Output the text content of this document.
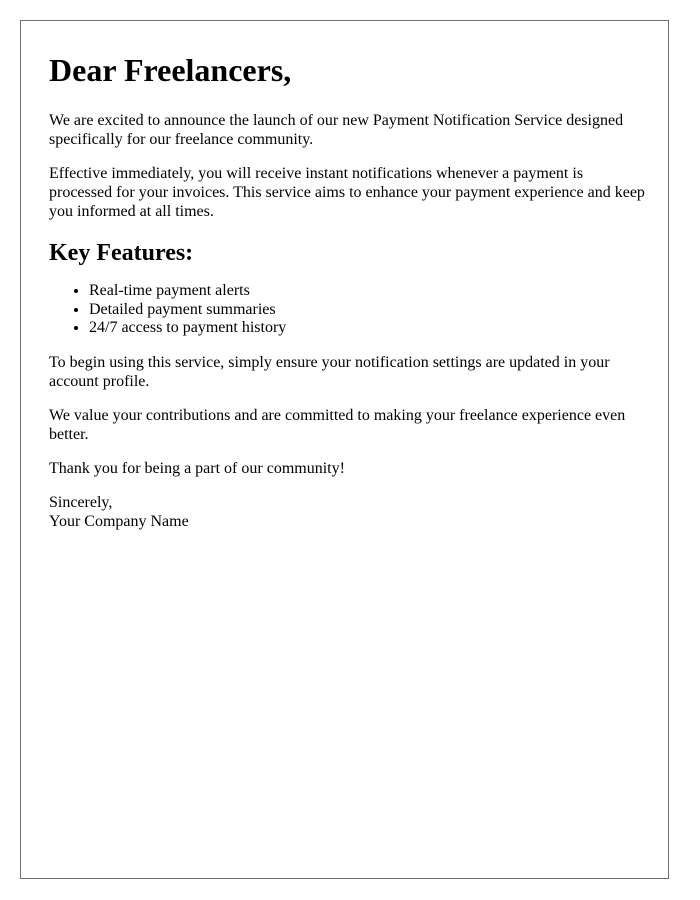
Dear Freelancers,

We are excited to announce the launch of our new Payment Notification Service designed specifically for our freelance community.

Effective immediately, you will receive instant notifications whenever a payment is processed for your invoices. This service aims to enhance your payment experience and keep you informed at all times.

Key Features:
• Real-time payment alerts
• Detailed payment summaries
• 24/7 access to payment history

To begin using this service, simply ensure your notification settings are updated in your account profile.

We value your contributions and are committed to making your freelance experience even better.

Thank you for being a part of our community!

Sincerely,
Your Company Name
